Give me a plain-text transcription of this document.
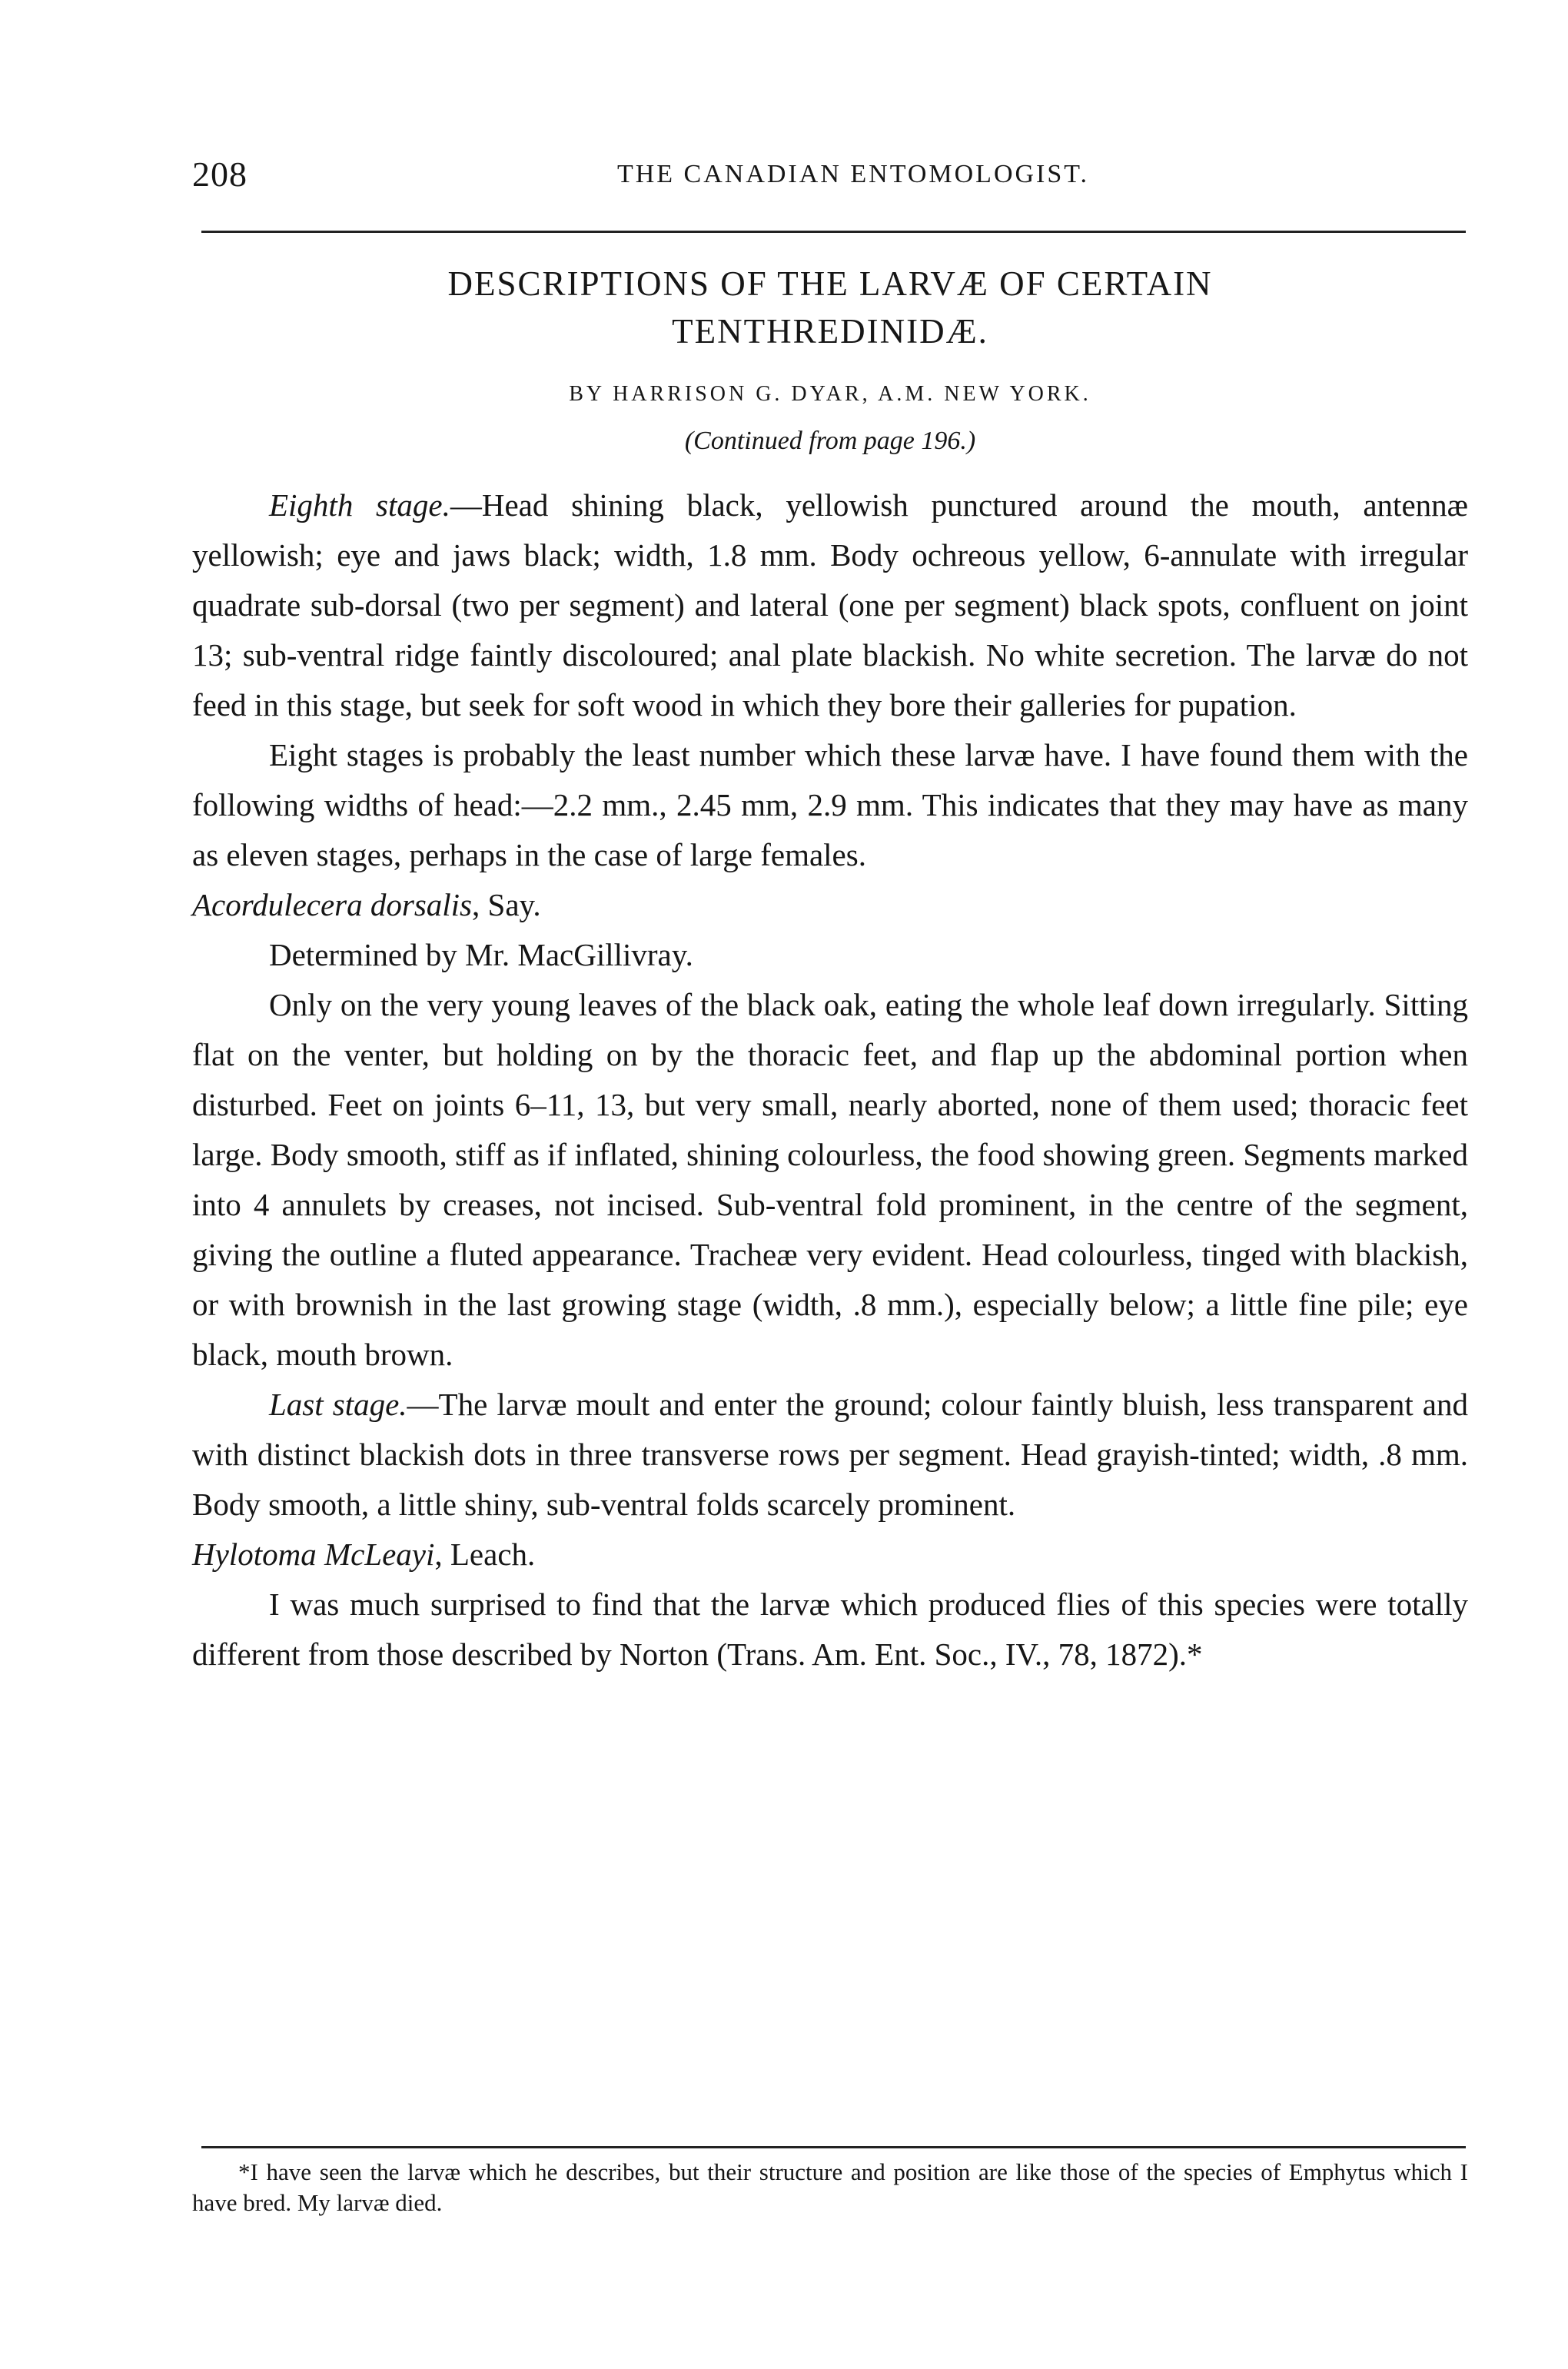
208	THE CANADIAN ENTOMOLOGIST.
DESCRIPTIONS OF THE LARVÆ OF CERTAIN
TENTHREDINIDÆ.
BY HARRISON G. DYAR, A.M. NEW YORK.
(Continued from page 196.)

Eighth stage.—Head shining black, yellowish punctured around the mouth, antennæ yellowish; eye and jaws black; width, 1.8 mm. Body ochreous yellow, 6-annulate with irregular quadrate sub-dorsal (two per segment) and lateral (one per segment) black spots, confluent on joint 13; sub-ventral ridge faintly discoloured; anal plate blackish. No white secretion. The larvæ do not feed in this stage, but seek for soft wood in which they bore their galleries for pupation.

Eight stages is probably the least number which these larvæ have. I have found them with the following widths of head:—2.2 mm., 2.45 mm, 2.9 mm. This indicates that they may have as many as eleven stages, perhaps in the case of large females.

Acordulecera dorsalis, Say.

Determined by Mr. MacGillivray.

Only on the very young leaves of the black oak, eating the whole leaf down irregularly. Sitting flat on the venter, but holding on by the thoracic feet, and flap up the abdominal portion when disturbed. Feet on joints 6–11, 13, but very small, nearly aborted, none of them used; thoracic feet large. Body smooth, stiff as if inflated, shining colourless, the food showing green. Segments marked into 4 annulets by creases, not incised. Sub-ventral fold prominent, in the centre of the segment, giving the outline a fluted appearance. Tracheæ very evident. Head colourless, tinged with blackish, or with brownish in the last growing stage (width, .8 mm.), especially below; a little fine pile; eye black, mouth brown.

Last stage.—The larvæ moult and enter the ground; colour faintly bluish, less transparent and with distinct blackish dots in three transverse rows per segment. Head grayish-tinted; width, .8 mm. Body smooth, a little shiny, sub-ventral folds scarcely prominent.

Hylotoma McLeayi, Leach.

I was much surprised to find that the larvæ which produced flies of this species were totally different from those described by Norton (Trans. Am. Ent. Soc., IV., 78, 1872).*

*I have seen the larvæ which he describes, but their structure and position are like those of the species of Emphytus which I have bred. My larvæ died.
